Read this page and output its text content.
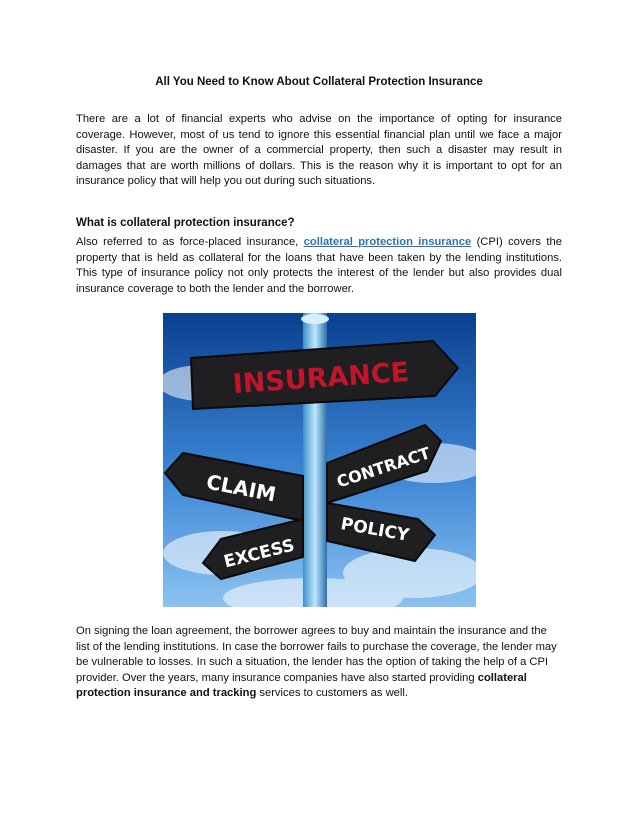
All You Need to Know About Collateral Protection Insurance

There are a lot of financial experts who advise on the importance of opting for insurance coverage. However, most of us tend to ignore this essential financial plan until we face a major disaster. If you are the owner of a commercial property, then such a disaster may result in damages that are worth millions of dollars. This is the reason why it is important to opt for an insurance policy that will help you out during such situations.

What is collateral protection insurance?

Also referred to as force-placed insurance, collateral protection insurance (CPI) covers the property that is held as collateral for the loans that have been taken by the lending institutions. This type of insurance policy not only protects the interest of the lender but also provides dual insurance coverage to both the lender and the borrower.

INSURANCE
CLAIM	CONTRACT
POLICY
EXCESS

On signing the loan agreement, the borrower agrees to buy and maintain the insurance and the list of the lending institutions. In case the borrower fails to purchase the coverage, the lender may be vulnerable to losses. In such a situation, the lender has the option of taking the help of a CPI provider. Over the years, many insurance companies have also started providing collateral protection insurance and tracking services to customers as well.
